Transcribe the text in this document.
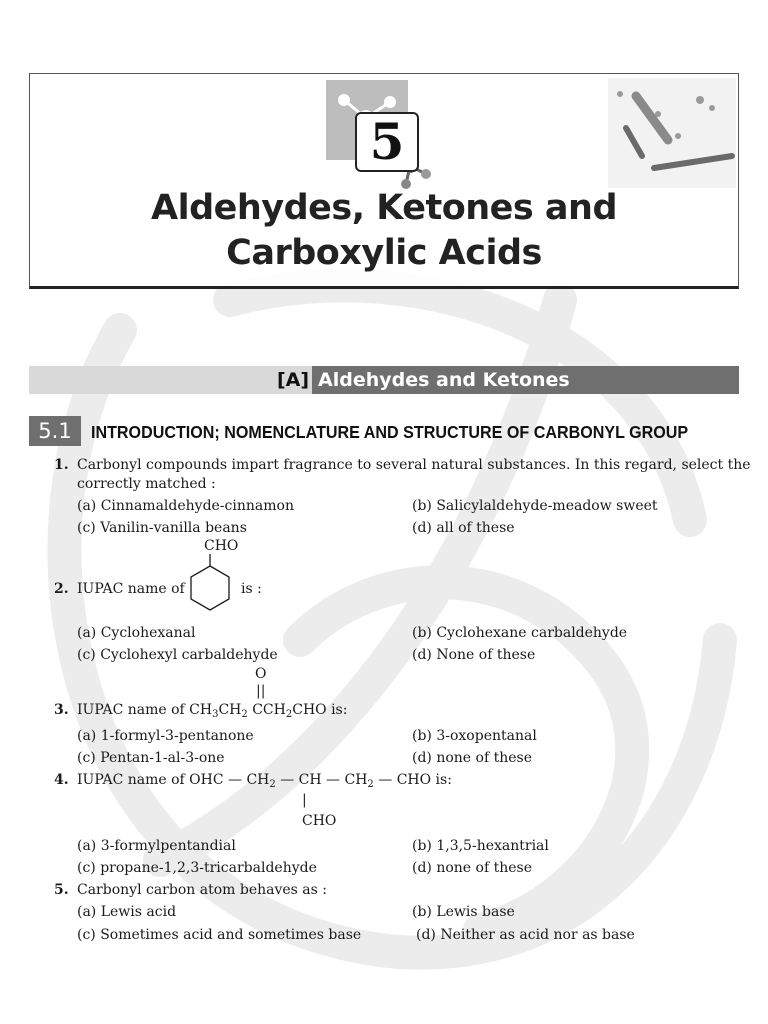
5
Aldehydes, Ketones and
Carboxylic Acids
[A] Aldehydes and Ketones
5.1	INTRODUCTION; NOMENCLATURE AND STRUCTURE OF CARBONYL GROUP
1. Carbonyl compounds impart fragrance to several natural substances. In this regard, select the
correctly matched :
(a) Cinnamaldehyde-cinnamon	(b) Salicylaldehyde-meadow sweet
(c) Vanilin-vanilla beans	(d) all of these
CHO
2. IUPAC name of	is :
(a) Cyclohexanal	(b) Cyclohexane carbaldehyde
(c) Cyclohexyl carbaldehyde	(d) None of these
O
||
3. IUPAC name of $CH_3CH_2$ $CCH_2CHO$ is:
(a) 1-formyl-3-pentanone	(b) 3-oxopentanal
(c) Pentan-1-al-3-one	(d) none of these
4. IUPAC name of OHC — $CH_2$ — CH — $CH_2$ — CHO is:
|
CHO
(a) 3-formylpentandial	(b) 1,3,5-hexantrial
(c) propane-1,2,3-tricarbaldehyde	(d) none of these
5. Carbonyl carbon atom behaves as :
(a) Lewis acid	(b) Lewis base
(c) Sometimes acid and sometimes base	(d) Neither as acid nor as base
